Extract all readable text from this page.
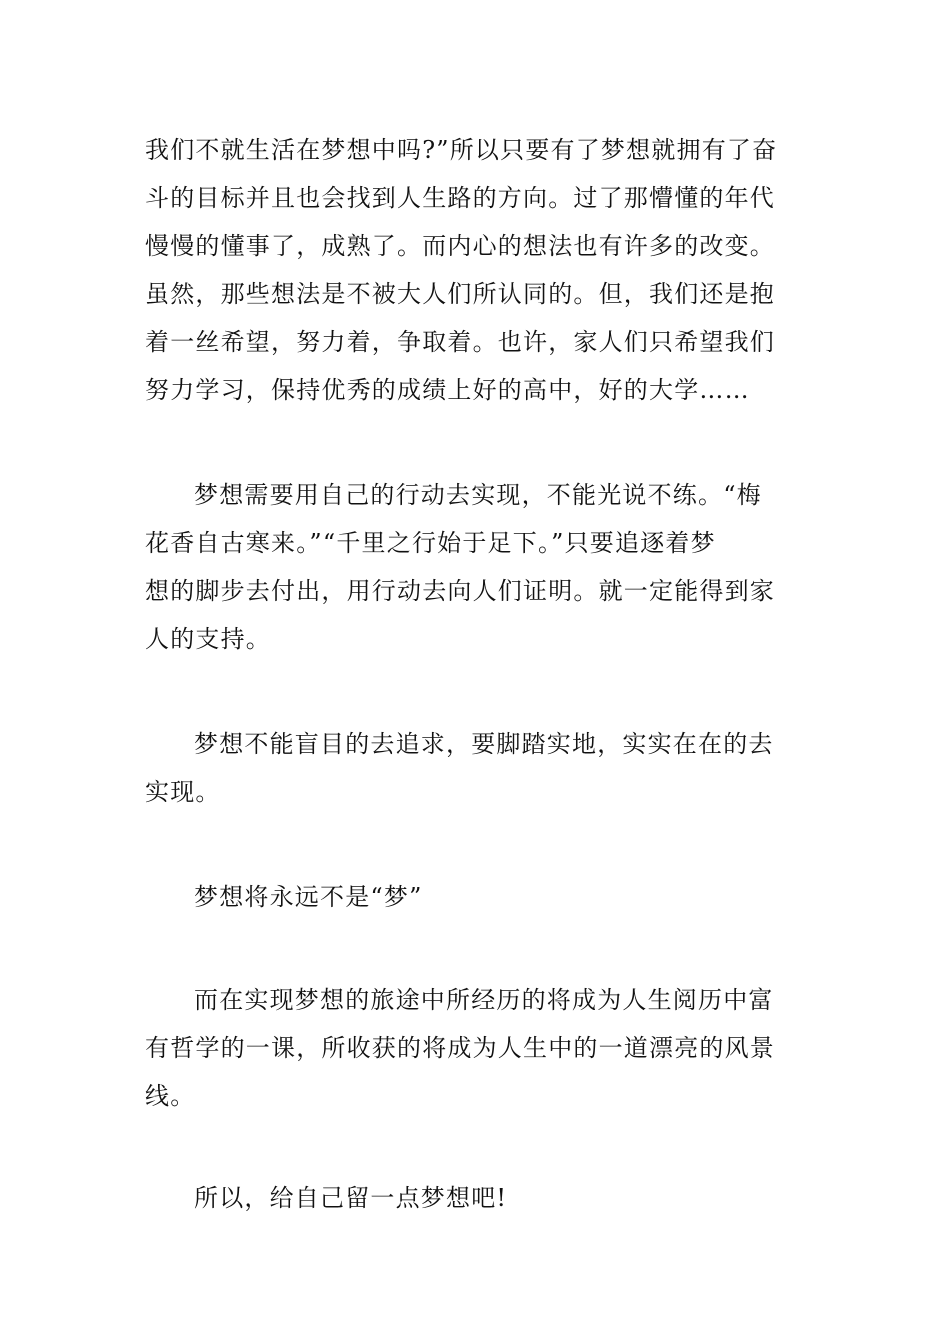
我们不就生活在梦想中吗?”所以只要有了梦想就拥有了奋
斗的目标并且也会找到人生路的方向。过了那懵懂的年代
慢慢的懂事了，成熟了。而内心的想法也有许多的改变。
虽然，那些想法是不被大人们所认同的。但，我们还是抱
着一丝希望，努力着，争取着。也许，家人们只希望我们
努力学习，保持优秀的成绩上好的高中，好的大学……
梦想需要用自己的行动去实现，不能光说不练。“梅
花香自古寒来。”“千里之行始于足下。”只要追逐着梦
想的脚步去付出，用行动去向人们证明。就一定能得到家
人的支持。
梦想不能盲目的去追求，要脚踏实地，实实在在的去
实现。
梦想将永远不是“梦”
而在实现梦想的旅途中所经历的将成为人生阅历中富
有哲学的一课，所收获的将成为人生中的一道漂亮的风景
线。
所以，给自己留一点梦想吧!
